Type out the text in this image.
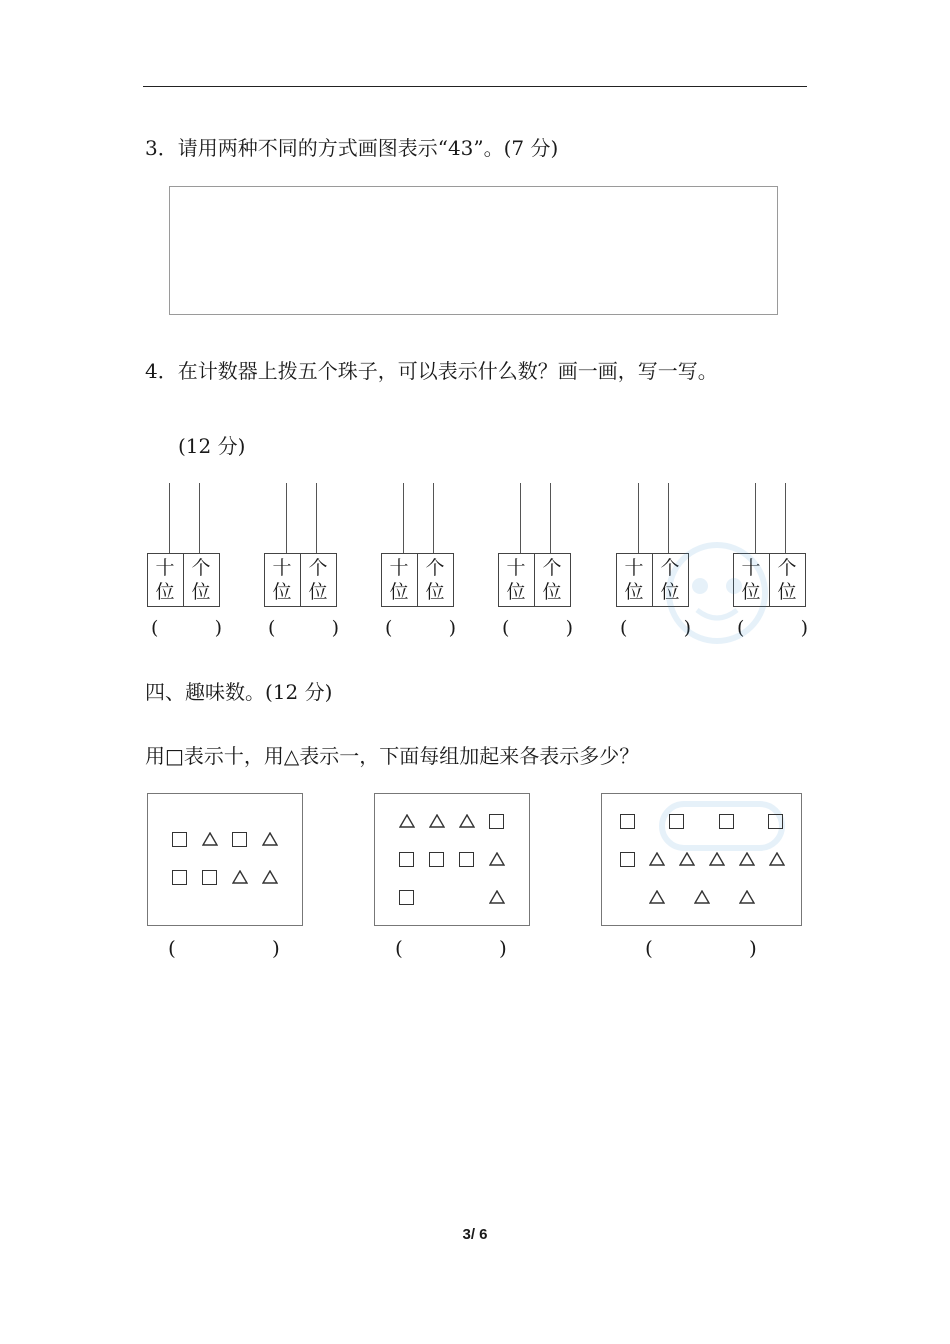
3．请用两种不同的方式画图表示“43”。(7 分)
4．在计数器上拨五个珠子，可以表示什么数？画一画，写一写。
(12 分)
十
位
个
位
(	)
十
位
个
位
(	)
十
位
个
位
(	)
十
位
个
位
(	)
十
位
个
位
(	)
十
位
个
位
(	)
四、趣味数。(12 分)
用□表示十，用△表示一，下面每组加起来各表示多少？
(	)	(	)	(	)
3/ 6
